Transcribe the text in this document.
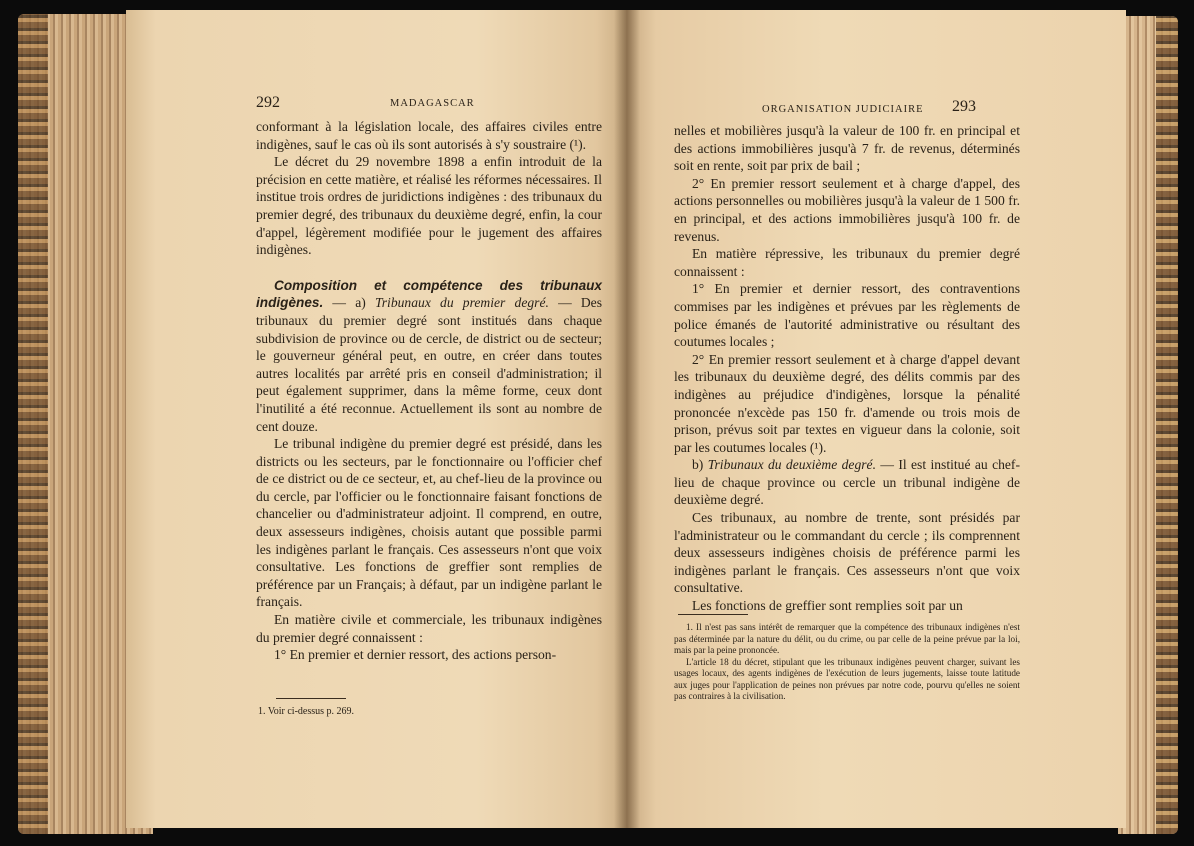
292	MADAGASCAR

conformant à la législation locale, des affaires civiles entre indigènes, sauf le cas où ils sont autorisés à s'y soustraire (¹).

Le décret du 29 novembre 1898 a enfin introduit de la précision en cette matière, et réalisé les réformes nécessaires. Il institue trois ordres de juridictions indigènes : des tribunaux du premier degré, des tribunaux du deuxième degré, enfin, la cour d'appel, légèrement modifiée pour le jugement des affaires indigènes.

Composition et compétence des tribunaux indigènes. — a) Tribunaux du premier degré. — Des tribunaux du premier degré sont institués dans chaque subdivision de province ou de cercle, de district ou de secteur; le gouverneur général peut, en outre, en créer dans toutes autres localités par arrêté pris en conseil d'administration; il peut également supprimer, dans la même forme, ceux dont l'inutilité a été reconnue. Actuellement ils sont au nombre de cent douze.

Le tribunal indigène du premier degré est présidé, dans les districts ou les secteurs, par le fonctionnaire ou l'officier chef de ce district ou de ce secteur, et, au chef-lieu de la province ou du cercle, par l'officier ou le fonctionnaire faisant fonctions de chancelier ou d'administrateur adjoint. Il comprend, en outre, deux assesseurs indigènes, choisis autant que possible parmi les indigènes parlant le français. Ces assesseurs n'ont que voix consultative. Les fonctions de greffier sont remplies de préférence par un Français; à défaut, par un indigène parlant le français.

En matière civile et commerciale, les tribunaux indigènes du premier degré connaissent :

1° En premier et dernier ressort, des actions person-

1. Voir ci-dessus p. 269.
ORGANISATION JUDICIAIRE 293

nelles et mobilières jusqu'à la valeur de 100 fr. en principal et des actions immobilières jusqu'à 7 fr. de revenus, déterminés soit en rente, soit par prix de bail ;

2° En premier ressort seulement et à charge d'appel, des actions personnelles ou mobilières jusqu'à la valeur de 1 500 fr. en principal, et des actions immobilières jusqu'à 100 fr. de revenus.

En matière répressive, les tribunaux du premier degré connaissent :

1° En premier et dernier ressort, des contraventions commises par les indigènes et prévues par les règlements de police émanés de l'autorité administrative ou résultant des coutumes locales ;

2° En premier ressort seulement et à charge d'appel devant les tribunaux du deuxième degré, des délits commis par des indigènes au préjudice d'indigènes, lorsque la pénalité prononcée n'excède pas 150 fr. d'amende ou trois mois de prison, prévus soit par textes en vigueur dans la colonie, soit par les coutumes locales (¹).

b) Tribunaux du deuxième degré. — Il est institué au chef-lieu de chaque province ou cercle un tribunal indigène de deuxième degré.

Ces tribunaux, au nombre de trente, sont présidés par l'administrateur ou le commandant du cercle ; ils comprennent deux assesseurs indigènes choisis de préférence parmi les indigènes parlant le français. Ces assesseurs n'ont que voix consultative.

Les fonctions de greffier sont remplies soit par un

1. Il n'est pas sans intérêt de remarquer que la compétence des tribunaux indigènes n'est pas déterminée par la nature du délit, ou du crime, ou par celle de la peine prévue par la loi, mais par la peine prononcée.

L'article 18 du décret, stipulant que les tribunaux indigènes peuvent charger, suivant les usages locaux, des agents indigènes de l'exécution de leurs jugements, laisse toute latitude aux juges pour l'application de peines non prévues par notre code, pourvu qu'elles ne soient pas contraires à la civilisation.
